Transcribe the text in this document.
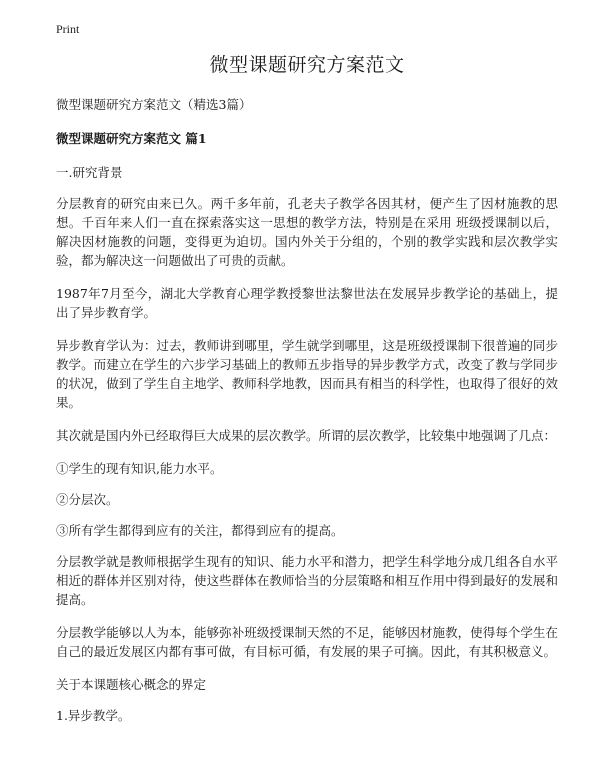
Print
微型课题研究方案范文
微型课题研究方案范文（精选3篇）
微型课题研究方案范文 篇1
一.研究背景
分层教育的研究由来已久。两千多年前，孔老夫子教学各因其材，便产生了因材施教的思想。千百年来人们一直在探索落实这一思想的教学方法，特别是在采用 班级授课制以后，解决因材施教的问题，变得更为迫切。国内外关于分组的，个别的教学实践和层次教学实验，都为解决这一问题做出了可贵的贡献。
1987年7月至今，湖北大学教育心理学教授黎世法黎世法在发展异步教学论的基础上，提出了异步教育学。
异步教育学认为：过去，教师讲到哪里，学生就学到哪里，这是班级授课制下很普遍的同步教学。而建立在学生的六步学习基础上的教师五步指导的异步教学方式，改变了教与学同步的状况，做到了学生自主地学、教师科学地教，因而具有相当的科学性，也取得了很好的效果。
其次就是国内外已经取得巨大成果的层次教学。所谓的层次教学，比较集中地强调了几点：
①学生的现有知识,能力水平。
②分层次。
③所有学生都得到应有的关注，都得到应有的提高。
分层教学就是教师根据学生现有的知识、能力水平和潜力，把学生科学地分成几组各自水平相近的群体并区别对待，使这些群体在教师恰当的分层策略和相互作用中得到最好的发展和提高。
分层教学能够以人为本，能够弥补班级授课制天然的不足，能够因材施教，使得每个学生在自己的最近发展区内都有事可做，有目标可循，有发展的果子可摘。因此，有其积极意义。
关于本课题核心概念的界定
1.异步教学。
